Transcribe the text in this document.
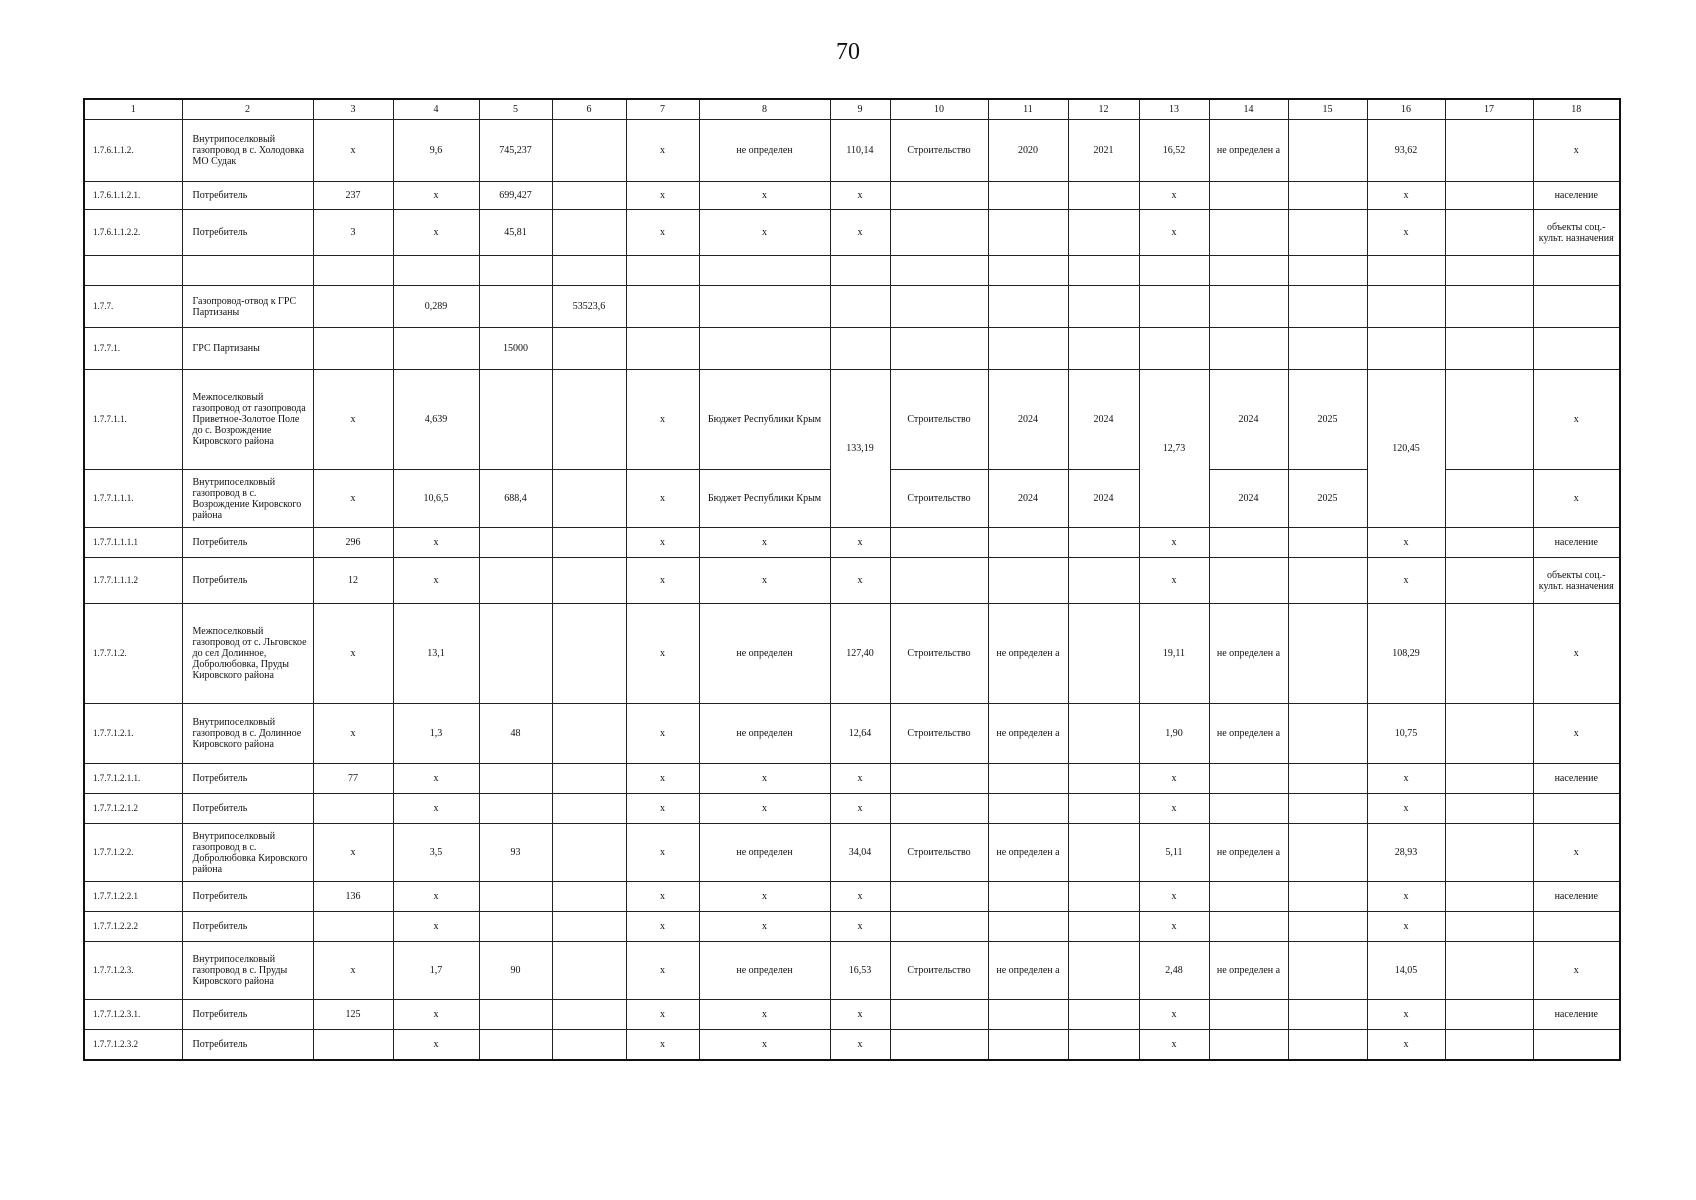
70
1	2	3	4	5	6	7	8	9	10	11	12	13	14	15	16	17	18
1.7.6.1.1.2.	Внутрипоселковый газопровод в с. Холодовка МО Судак	х	9,6	745,237		х	не определен	110,14	Строительство	2020	2021	16,52	не определен а		93,62		х
1.7.6.1.1.2.1.	Потребитель	237	х	699,427		х	х	х				х			х		население
1.7.6.1.1.2.2.	Потребитель	3	х	45,81		х	х	х				х			х		объекты соц.-культ. назначения

1.7.7.	Газопровод-отвод к ГРС Партизаны		0,289		53523,6												
1.7.7.1.	ГРС Партизаны			15000													
1.7.7.1.1.	Межпоселковый газопровод от газопровода Приветное-Золотое Поле до с. Возрождение Кировского района	х	4,639			х	Бюджет Республики Крым	133,19	Строительство	2024	2024	12,73	2024	2025	120,45		х
1.7.7.1.1.1.	Внутрипоселковый газопровод в с. Возрождение Кировского района	х	10,6,5	688,4		х	Бюджет Республики Крым		Строительство	2024	2024		2024	2025			х
1.7.7.1.1.1.1	Потребитель	296	х			х	х	х				х			х		население
1.7.7.1.1.1.2	Потребитель	12	х			х	х	х				х			х		объекты соц.-культ. назначения
1.7.7.1.2.	Межпоселковый газопровод от с. Льговское до сел Долинное, Добролюбовка, Пруды Кировского района	х	13,1			х	не определен	127,40	Строительство	не определен а		19,11	не определен а		108,29		х
1.7.7.1.2.1.	Внутрипоселковый газопровод в с. Долинное Кировского района	х	1,3	48		х	не определен	12,64	Строительство	не определен а		1,90	не определен а		10,75		х
1.7.7.1.2.1.1.	Потребитель	77	х			х	х	х				х			х		население
1.7.7.1.2.1.2	Потребитель		х			х	х	х				х			х		
1.7.7.1.2.2.	Внутрипоселковый газопровод в с. Добролюбовка Кировского района	х	3,5	93		х	не определен	34,04	Строительство	не определен а		5,11	не определен а		28,93		х
1.7.7.1.2.2.1	Потребитель	136	х			х	х	х				х			х		население
1.7.7.1.2.2.2	Потребитель		х			х	х	х				х			х		
1.7.7.1.2.3.	Внутрипоселковый газопровод в с. Пруды Кировского района	х	1,7	90		х	не определен	16,53	Строительство	не определен а		2,48	не определен а		14,05		х
1.7.7.1.2.3.1.	Потребитель	125	х			х	х	х				х			х		население
1.7.7.1.2.3.2	Потребитель		х			х	х	х				х			х		
